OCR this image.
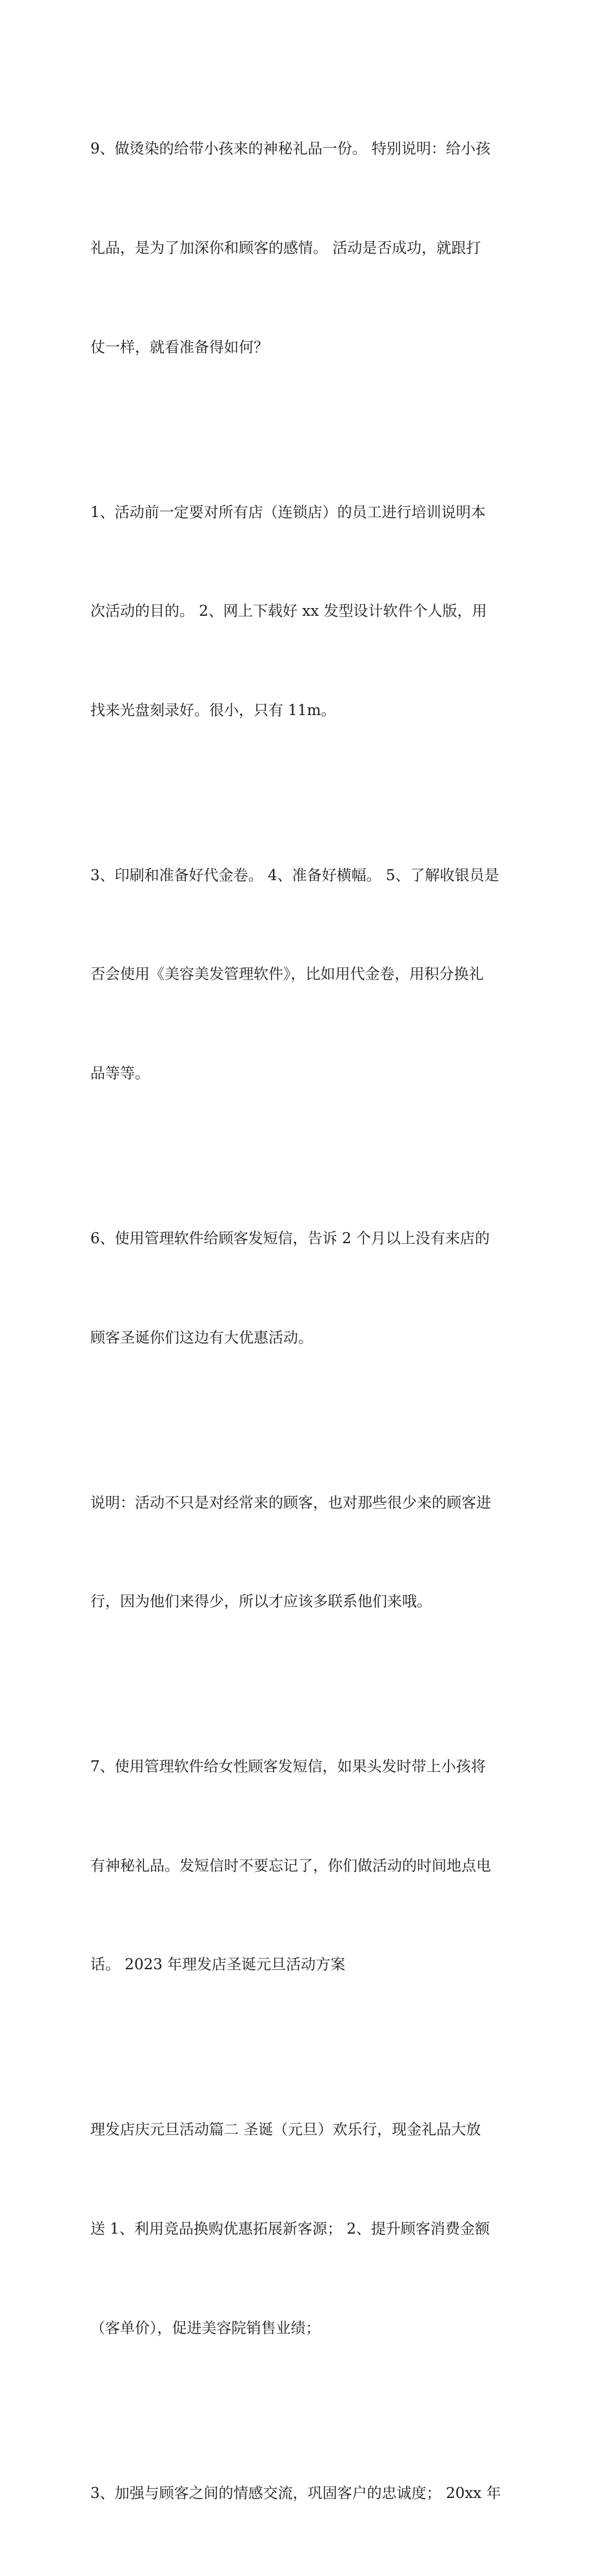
9、做烫染的给带小孩来的神秘礼品一份。 特别说明：给小孩

礼品，是为了加深你和顾客的感情。 活动是否成功，就跟打

仗一样，就看准备得如何？

1、活动前一定要对所有店（连锁店）的员工进行培训说明本

次活动的目的。 2、网上下载好 xx 发型设计软件个人版，用

找来光盘刻录好。很小，只有 11m。

3、印刷和准备好代金卷。 4、准备好横幅。 5、了解收银员是

否会使用《美容美发管理软件》，比如用代金卷，用积分换礼

品等等。

6、使用管理软件给顾客发短信，告诉 2 个月以上没有来店的

顾客圣诞你们这边有大优惠活动。

说明：活动不只是对经常来的顾客，也对那些很少来的顾客进

行，因为他们来得少，所以才应该多联系他们来哦。

7、使用管理软件给女性顾客发短信，如果头发时带上小孩将

有神秘礼品。发短信时不要忘记了，你们做活动的时间地点电

话。 2023 年理发店圣诞元旦活动方案

理发店庆元旦活动篇二 圣诞（元旦）欢乐行，现金礼品大放

送 1、利用竞品换购优惠拓展新客源； 2、提升顾客消费金额

（客单价），促进美容院销售业绩；

3、加强与顾客之间的情感交流，巩固客户的忠诚度； 20xx 年
